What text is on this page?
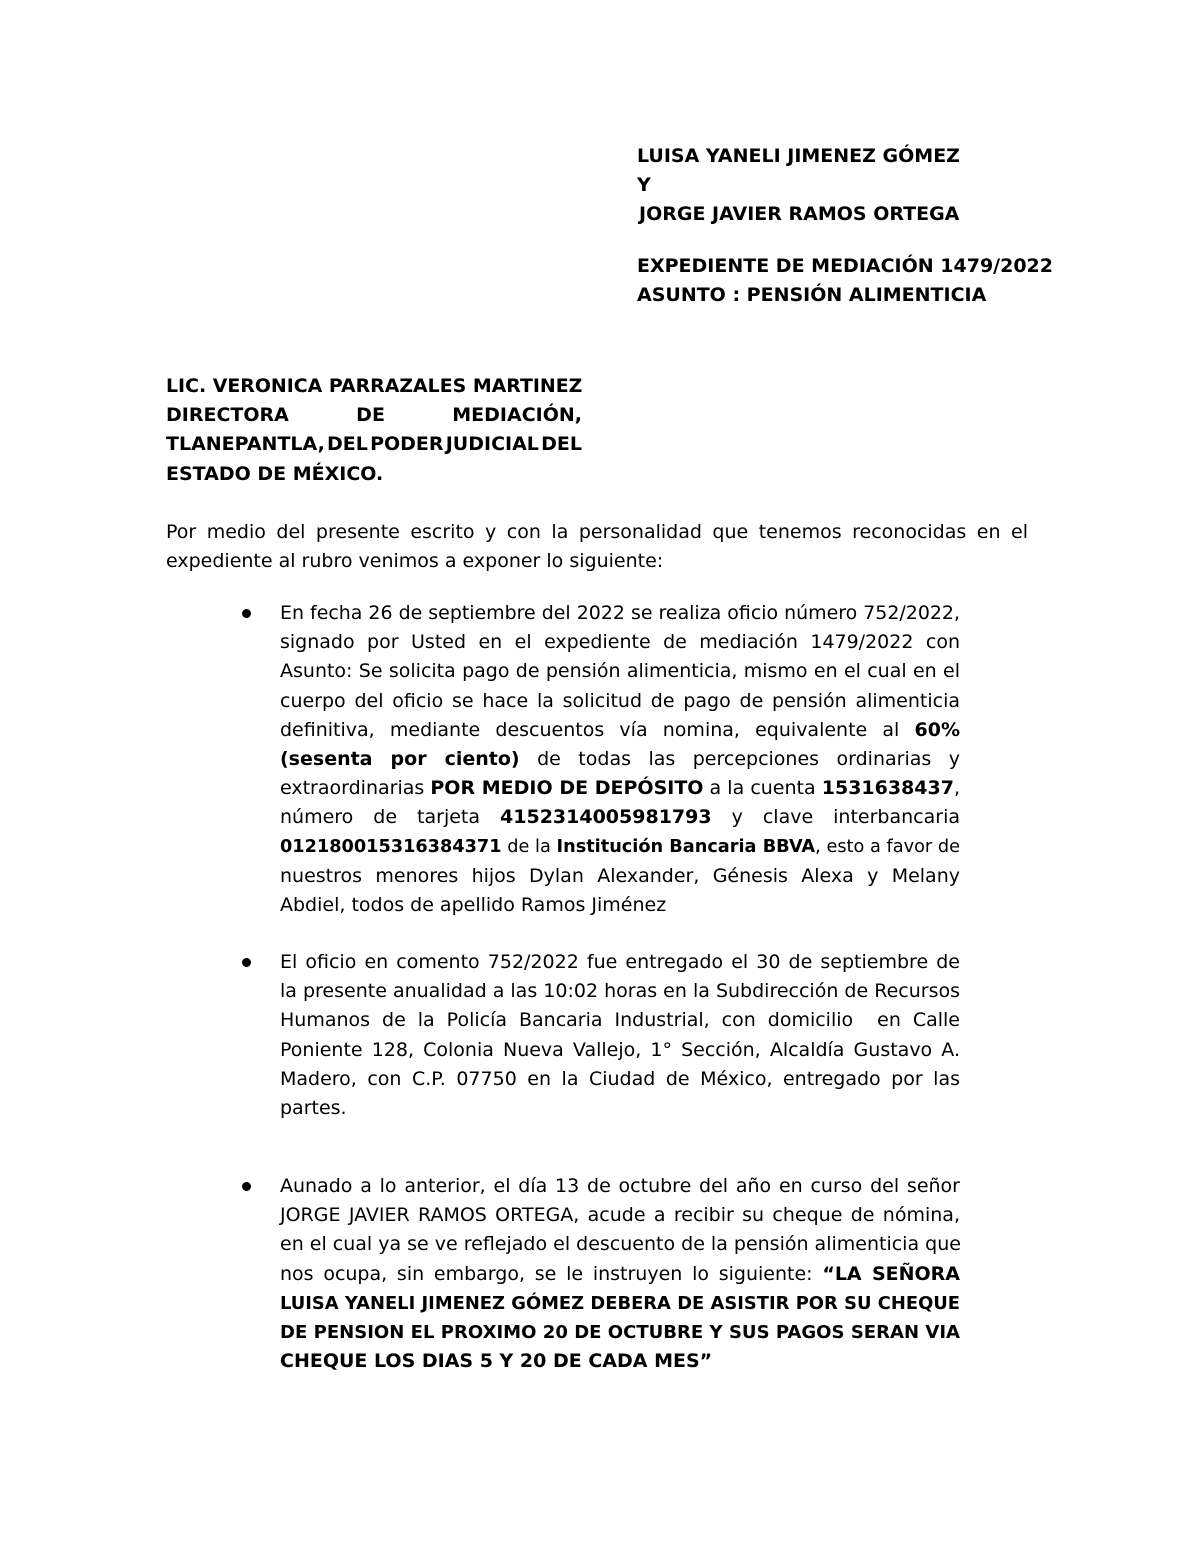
LUISA YANELI JIMENEZ GÓMEZ
Y
JORGE JAVIER RAMOS ORTEGA
EXPEDIENTE DE MEDIACIÓN 1479/2022
ASUNTO : PENSIÓN ALIMENTICIA
LIC. VERONICA PARRAZALES MARTINEZ
DIRECTORA	DE	MEDIACIÓN,
TLANEPANTLA, DEL PODER JUDICIAL DEL
ESTADO DE MÉXICO.
Por medio del presente escrito y con la personalidad que tenemos reconocidas en el
expediente al rubro venimos a exponer lo siguiente:
En fecha 26 de septiembre del 2022 se realiza oficio número 752/2022,
signado por Usted en el expediente de mediación 1479/2022 con
Asunto: Se solicita pago de pensión alimenticia, mismo en el cual en el
cuerpo del oficio se hace la solicitud de pago de pensión alimenticia
definitiva, mediante descuentos vía nomina, equivalente al 60%
(sesenta por ciento) de todas las percepciones ordinarias y
extraordinarias POR MEDIO DE DEPÓSITO a la cuenta 1531638437,
número de tarjeta 4152314005981793 y clave interbancaria
012180015316384371 de la Institución Bancaria BBVA, esto a favor de
nuestros menores hijos Dylan Alexander, Génesis Alexa y Melany
Abdiel, todos de apellido Ramos Jiménez
El oficio en comento 752/2022 fue entregado el 30 de septiembre de
la presente anualidad a las 10:02 horas en la Subdirección de Recursos
Humanos de la Policía Bancaria Industrial, con domicilio  en Calle
Poniente 128, Colonia Nueva Vallejo, 1° Sección, Alcaldía Gustavo A.
Madero, con C.P. 07750 en la Ciudad de México, entregado por las
partes.
Aunado a lo anterior, el día 13 de octubre del año en curso del señor
JORGE JAVIER RAMOS ORTEGA, acude a recibir su cheque de nómina,
en el cual ya se ve reflejado el descuento de la pensión alimenticia que
nos ocupa, sin embargo, se le instruyen lo siguiente: “LA SEÑORA
LUISA YANELI JIMENEZ GÓMEZ DEBERA DE ASISTIR POR SU CHEQUE
DE PENSION EL PROXIMO 20 DE OCTUBRE Y SUS PAGOS SERAN VIA
CHEQUE LOS DIAS 5 Y 20 DE CADA MES”
